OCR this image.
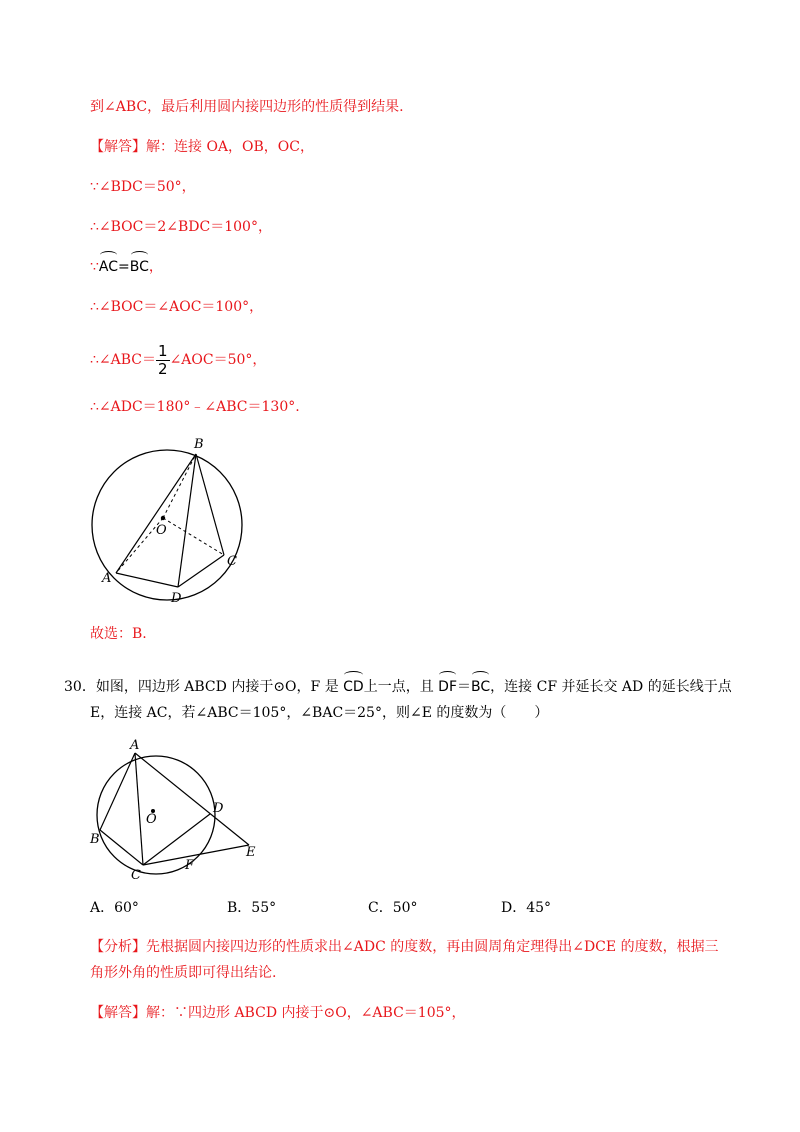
到∠ABC，最后利用圆内接四边形的性质得到结果.
【解答】解：连接 OA，OB，OC，
∵∠BDC＝50°，
∴∠BOC＝2∠BDC＝100°，
∵AC=BC，
∴∠BOC＝∠AOC＝100°，
∴∠ABC＝ $\frac{1}{2}$ ∠AOC＝50°，
∴∠ADC＝180°﹣∠ABC＝130°.
B
O
C
A
D
故选：B.
30．如图，四边形 ABCD 内接于⊙O，F 是 CD上一点，且 DF＝BC，连接 CF 并延长交 AD 的延长线于点
E，连接 AC，若∠ABC＝105°，∠BAC＝25°，则∠E 的度数为（　　）
A
O
D
B
E
F
C
A．60°	B．55°	C．50°	D．45°
【分析】先根据圆内接四边形的性质求出∠ADC 的度数，再由圆周角定理得出∠DCE 的度数，根据三
角形外角的性质即可得出结论.
【解答】解：∵四边形 ABCD 内接于⊙O，∠ABC＝105°，
